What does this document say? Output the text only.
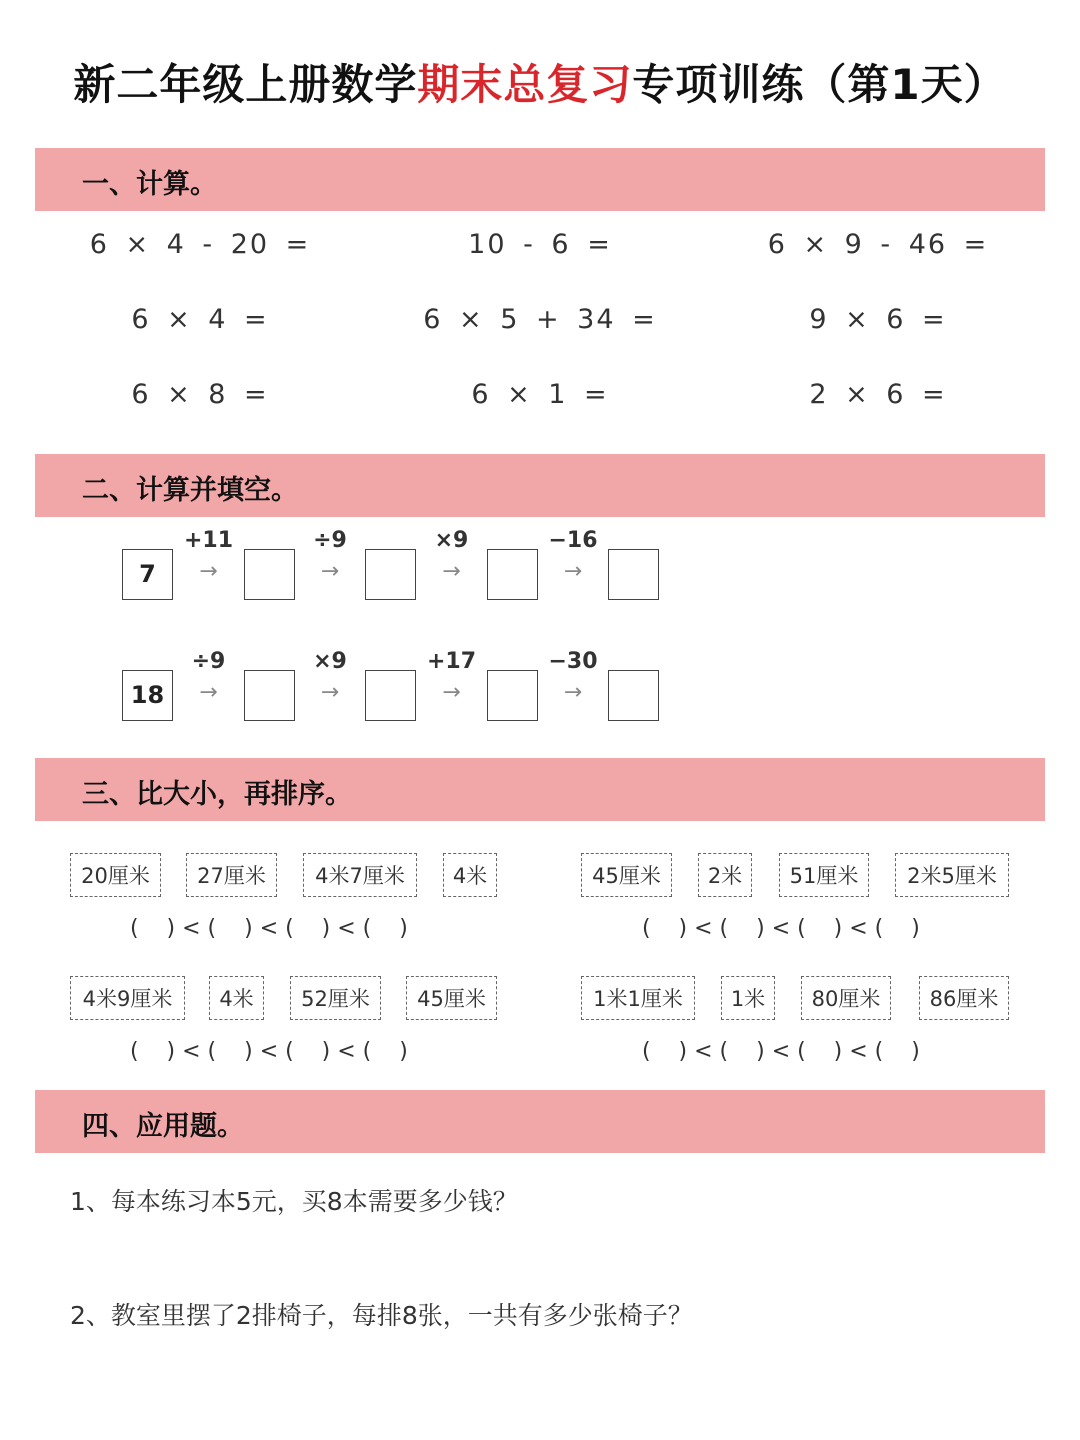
新二年级上册数学期末总复习专项训练（第1天）
一、计算。
二、计算并填空。
三、比大小，再排序。
四、应用题。
6 × 4 - 20 =	10 - 6 =	6 × 9 - 46 =
6 × 4 =	6 × 5 + 34 =	9 × 6 =
6 × 8 =	6 × 1 =	2 × 6 =
7
+11
→
÷9
→
×9
→
−16
→
18
÷9
→
×9
→
+17
→
−30
→
20厘米	27厘米	4米7厘米	4米
(    ) < (    ) < (    ) < (    )
45厘米	2米	51厘米	2米5厘米
(    ) < (    ) < (    ) < (    )
4米9厘米	4米	52厘米	45厘米
(    ) < (    ) < (    ) < (    )
1米1厘米	1米	80厘米	86厘米
(    ) < (    ) < (    ) < (    )
1、每本练习本5元，买8本需要多少钱？
2、教室里摆了2排椅子，每排8张，一共有多少张椅子？
